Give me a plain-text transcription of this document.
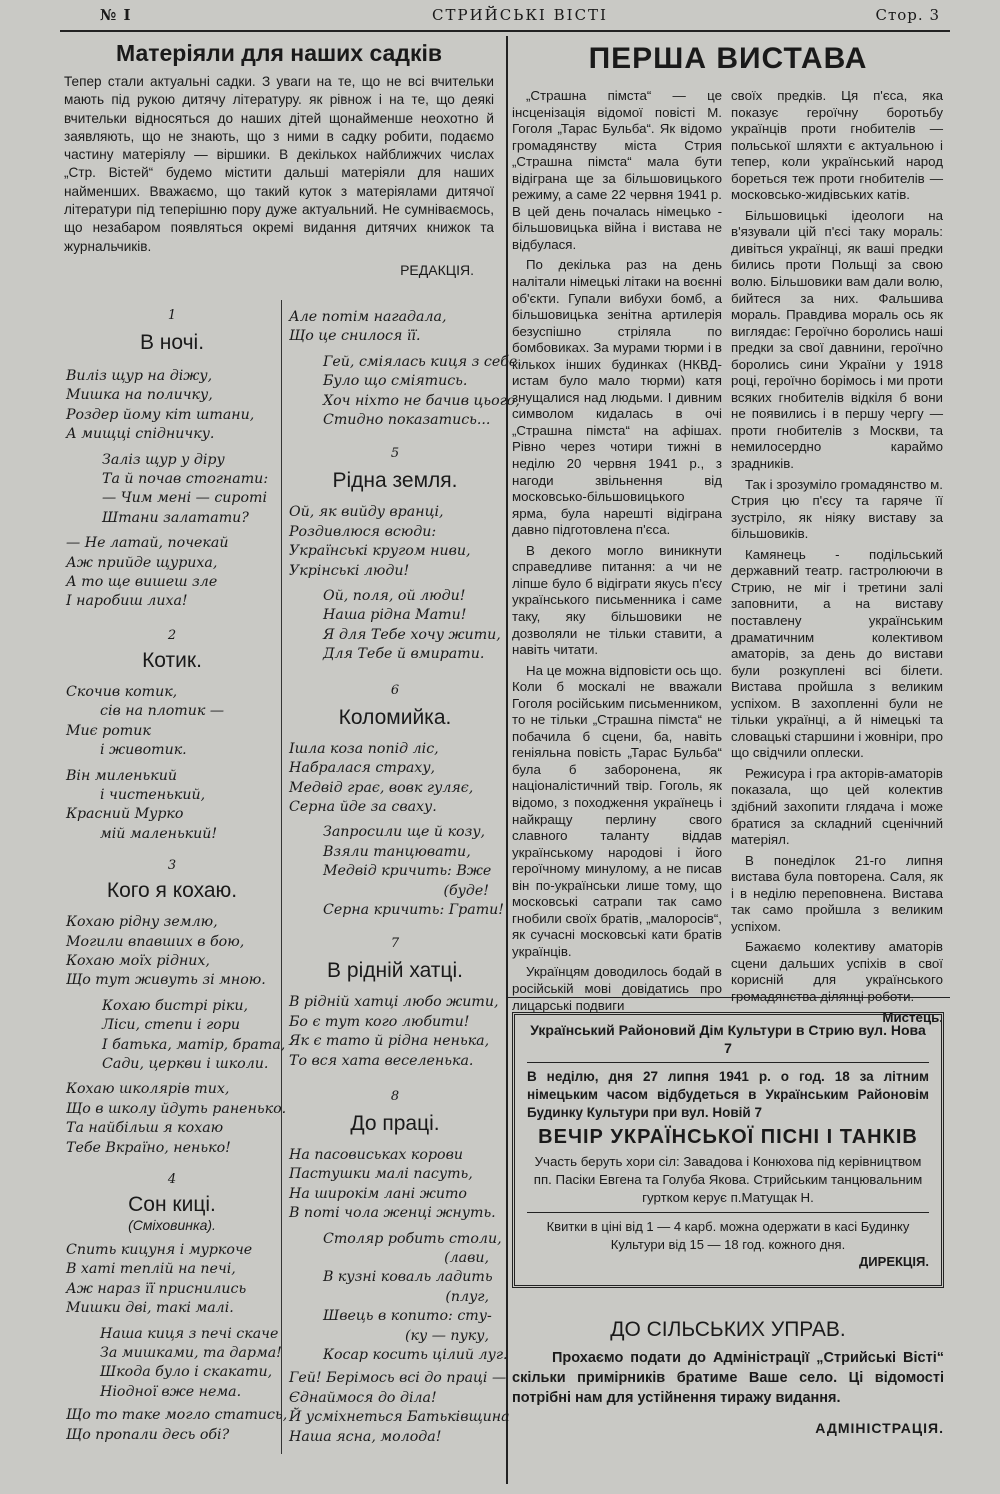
№ I	СТРИЙСЬКІ ВІСТІ	Стор. 3
Матеріяли для наших садків

Тепер стали актуальні садки. З уваги на те, що не всі вчительки мають під рукою дитячу літературу. як рівнож і на те, що деякі вчительки відносяться до наших дітей щонайменше неохотно й заявляють, що не знають, що з ними в садку робити, подаємо частину матеріялу — віршики. В декількох найближчих числах „Стр. Вістей“ будемо містити дальші матеріяли для наших найменших. Вважаємо, що такий куток з матеріялами дитячої літератури під теперішню пору дуже актуальний. Не сумніваємось, що незабаром появляться окремі видання дитячих книжок та журнальчиків.

РЕДАКЦІЯ.
1
В ночі.
Виліз щур на діжу,
Мишка на поличку,
Роздер йому кіт штани,
А мищці спідничку.
Заліз щур у діру
Та й почав стогнати:
— Чим мені — сироті
Штани залатати?
— Не латай, почекай
Аж прийде щуриха,
А то ще вишеш зле
І наробиш лиха!
2
Котик.
Скочив котик,
сів на плотик —
Миє ротик
і животик.
Він миленький
і чистенький,
Красний Мурко
мій маленький!
3
Кого я кохаю.
Кохаю рідну землю,
Могили впавших в бою,
Кохаю моїх рідних,
Що тут живуть зі мною.
Кохаю бистрі ріки,
Ліси, степи і гори
І батька, матір, брата,
Сади, церкви і школи.
Кохаю школярів тих,
Що в школу йдуть раненько.
Та найбільш я кохаю
Тебе Вкраїно, ненько!
4
Сон киці.
(Сміховинка).
Спить кицуня і муркоче
В хаті теплій на печі,
Аж нараз її приснились
Мишки дві, такі малі.
Наша киця з печі скаче
За мишками, та дарма!
Шкода було і скакати,
Ніодної вже нема.
Що то таке могло статись,
Що пропали десь обі?
Але потім нагадала,
Що це снилося її.
Гей, сміялась киця з себе.
Було що сміятись.
Хоч ніхто не бачив цього,
Стидно показатись...
5
Рідна земля.
Ой, як вийду вранці,
Роздивлюся всюди:
Українські кругом ниви,
Укрінські люди!
Ой, поля, ой люди!
Наша рідна Мати!
Я для Тебе хочу жити,
Для Тебе й вмирати.
6
Коломийка.
Ішла коза попід ліс,
Набралася страху,
Медвід грає, вовк гуляє,
Серна йде за сваху.
Запросили ще й козу,
Взяли танцювати,
Медвід кричить: Вже
(буде!
Серна кричить: Грати!
7
В рідній хатці.
В рідній хатці любо жити,
Бо є тут кого любити!
Як є тато й рідна ненька,
То вся хата веселенька.
8
До праці.
На пасовиськах корови
Пастушки малі пасуть,
На широкім лані жито
В поті чола женці жнуть.
Столяр робить столи,
(лави,
В кузні коваль ладить
(плуг,
Швець в копито: сту-
(ку — пуку,
Косар косить цілий луг.
Гей! Берімось всі до праці —
Єднаймося до діла!
Й усміхнеться Батьківщина
Наша ясна, молода!
ПЕРША ВИСТАВА

„Страшна пімста“ — це інсценізація відомої повісті М. Гоголя „Тарас Бульба“. Як відомо громадянству міста Стрия „Страшна пімста“ мала бути відіграна ще за більшовицького режиму, а саме 22 червня 1941 р. В цей день почалась німецько - більшовицька війна і вистава не відбулася.

По декілька раз на день налітали німецькі літаки на воєнні об'єкти. Гупали вибухи бомб, а більшовицька зенітна артилерія безуспішно стріляла по бомбовиках. За мурами тюрми і в кількох інших будинках (НКВД-истам було мало тюрми) катя знущалися над людьми. І дивним символом кидалась в очі „Страшна пімста“ на афішах. Рівно через чотири тижні в неділю 20 червня 1941 р., з нагоди звільнення від московсько-більшовицького ярма, була нарешті відіграна давно підготовлена п'єса.

В декого могло виникнути справедливе питання: а чи не ліпше було б відіграти якусь п'єсу українського письменника і саме таку, яку більшовики не дозволяли не тільки ставити, а навіть читати.

На це можна відповісти ось що. Коли б москалі не вважали Гоголя російським письменником, то не тільки „Страшна пімста“ не побачила б сцени, ба, навіть геніяльна повість „Тарас Бульба“ була б заборонена, як націоналістичний твір. Гоголь, як відомо, з походження українець і найкращу перлину свого славного таланту віддав українському народові і його героїчному минулому, а не писав він по-українськи лише тому, що московські сатрапи так само гнобили своїх братів, „малоросів“, як сучасні московські кати братів українців.

Українцям доводилось бодай в російській мові довідатись про лицарські подвиги

своїх предків. Ця п'єса, яка показує героїчну боротьбу українців проти гнобителів — польської шляхти є актуальною і тепер, коли український народ бореться теж проти гнобителів — московсько-жидівських катів.

Більшовицькі ідеологи на в'язували цій п'єсі таку мораль: дивіться українці, як ваші предки бились проти Польщі за свою волю. Більшовики вам дали волю, бийтеся за них. Фальшива мораль. Правдива мораль ось як виглядає: Героїчно боролись наші предки за свої давнини, героїчно боролись сини України у 1918 році, героїчно борімось і ми проти всяких гнобителів відкіля б вони не появились і в першу чергу — проти гнобителів з Москви, та немилосердно караймо зрадників.

Так і зрозуміло громадянство м. Стрия цю п'єсу та гаряче її зустріло, як ніяку виставу за більшовиків.

Камянець - подільський державний театр. гастролюючи в Стрию, не міг і третини залі заповнити, а на виставу поставлену українським драматичним колективом аматорів, за день до вистави були розкуплені всі білети. Вистава пройшла з великим успіхом. В захопленні були не тільки українці, а й німецькі та словацькі старшини і жовніри, про що свідчили оплески.

Режисура і гра акторів-аматорів показала, що цей колектив здібний захопити глядача і може братися за складний сценічний матеріял.

В понеділок 21-го липня вистава була повторена. Саля, як і в неділю переповнена. Вистава так само пройшла з великим успіхом.

Бажаємо колективу аматорів сцени дальших успіхів в свої корисній для українського громадянства ділянці роботи.

Мистець.

Український Районовий Дім Культури в Стрию вул. Нова 7
В неділю, дня 27 липня 1941 р. о год. 18 за літним німецьким часом відбудеться в Українським Районовім Будинку Культури при вул. Новій 7
ВЕЧІР УКРАЇНСЬКОЇ ПІСНІ І ТАНКІВ
Участь беруть хори сіл: Завадова і Конюхова під керівництвом пп. Пасіки Евгена та Голуба Якова. Стрийським танцювальним гуртком керує п.Матущак Н.
Квитки в ціні від 1 — 4 карб. можна одержати в касі Будинку Культури від 15 — 18 год. кожного дня.
ДИРЕКЦІЯ.
ДО СІЛЬСЬКИХ УПРАВ.
Прохаємо подати до Адміністрації „Стрийські Вісті“ скільки примірників братиме Ваше село. Ці відомості потрібні нам для устійнення тиражу видання.
АДМІНІСТРАЦІЯ.
